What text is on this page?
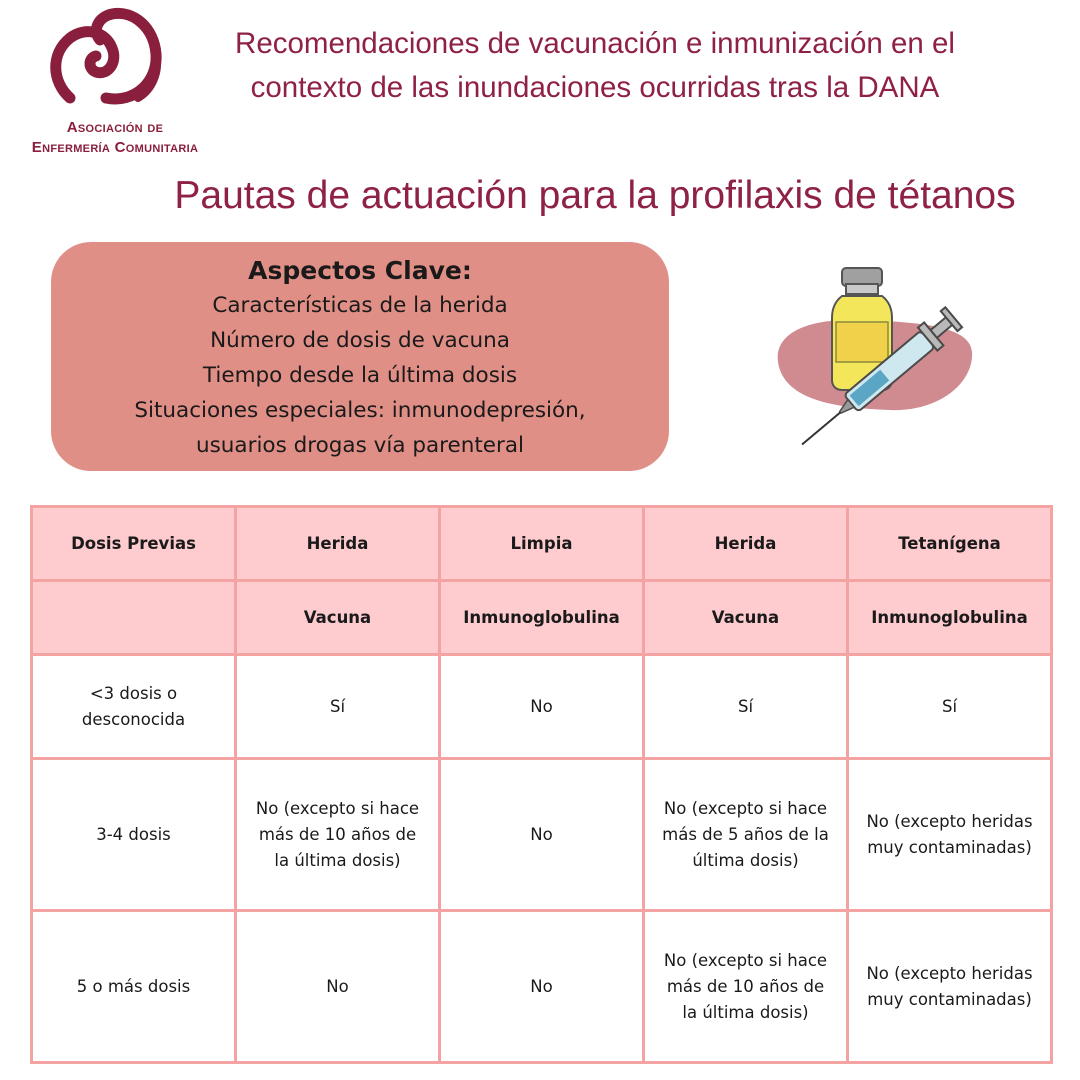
Asociación de
Enfermería Comunitaria
Recomendaciones de vacunación e inmunización en el
contexto de las inundaciones ocurridas tras la DANA
Pautas de actuación para la profilaxis de tétanos
Aspectos Clave:
Características de la herida
Número de dosis de vacuna
Tiempo desde la última dosis
Situaciones especiales: inmunodepresión,
usuarios drogas vía parenteral
Dosis Previas	Herida	Limpia	Herida	Tetanígena
	Vacuna	Inmunoglobulina	Vacuna	Inmunoglobulina
<3 dosis o desconocida	Sí	No	Sí	Sí
3-4 dosis	No (excepto si hace más de 10 años de la última dosis)	No	No (excepto si hace más de 5 años de la última dosis)	No (excepto heridas muy contaminadas)
5 o más dosis	No	No	No (excepto si hace más de 10 años de la última dosis)	No (excepto heridas muy contaminadas)
